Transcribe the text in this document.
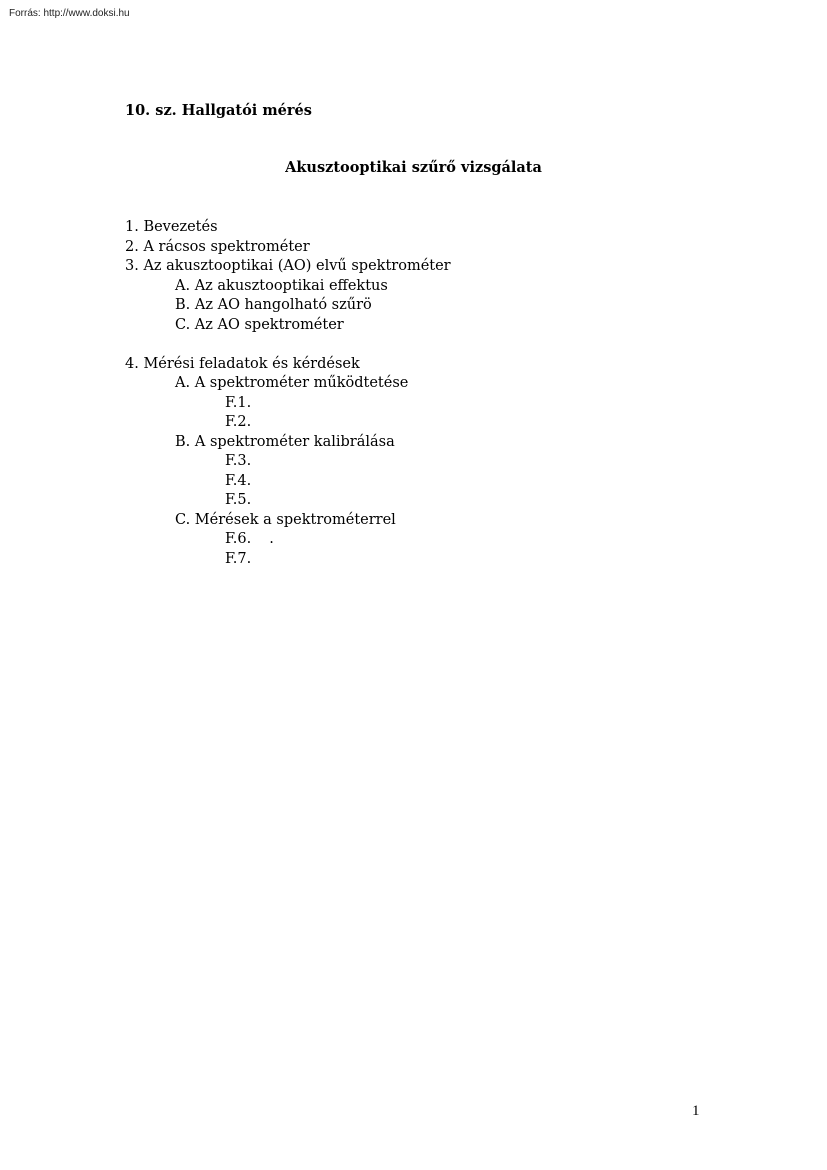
Forrás: http://www.doksi.hu
10. sz. Hallgatói mérés
Akusztooptikai szűrő vizsgálata
1. Bevezetés
2. A rácsos spektrométer
3. Az akusztooptikai (AO) elvű spektrométer
A. Az akusztooptikai effektus
B. Az AO hangolható szűrö
C. Az AO spektrométer
4. Mérési feladatok és kérdések
A. A spektrométer működtetése
F.1.
F.2.
B. A spektrométer kalibrálása
F.3.
F.4.
F.5.
C. Mérések a spektrométerrel
F.6. .
F.7.
1
